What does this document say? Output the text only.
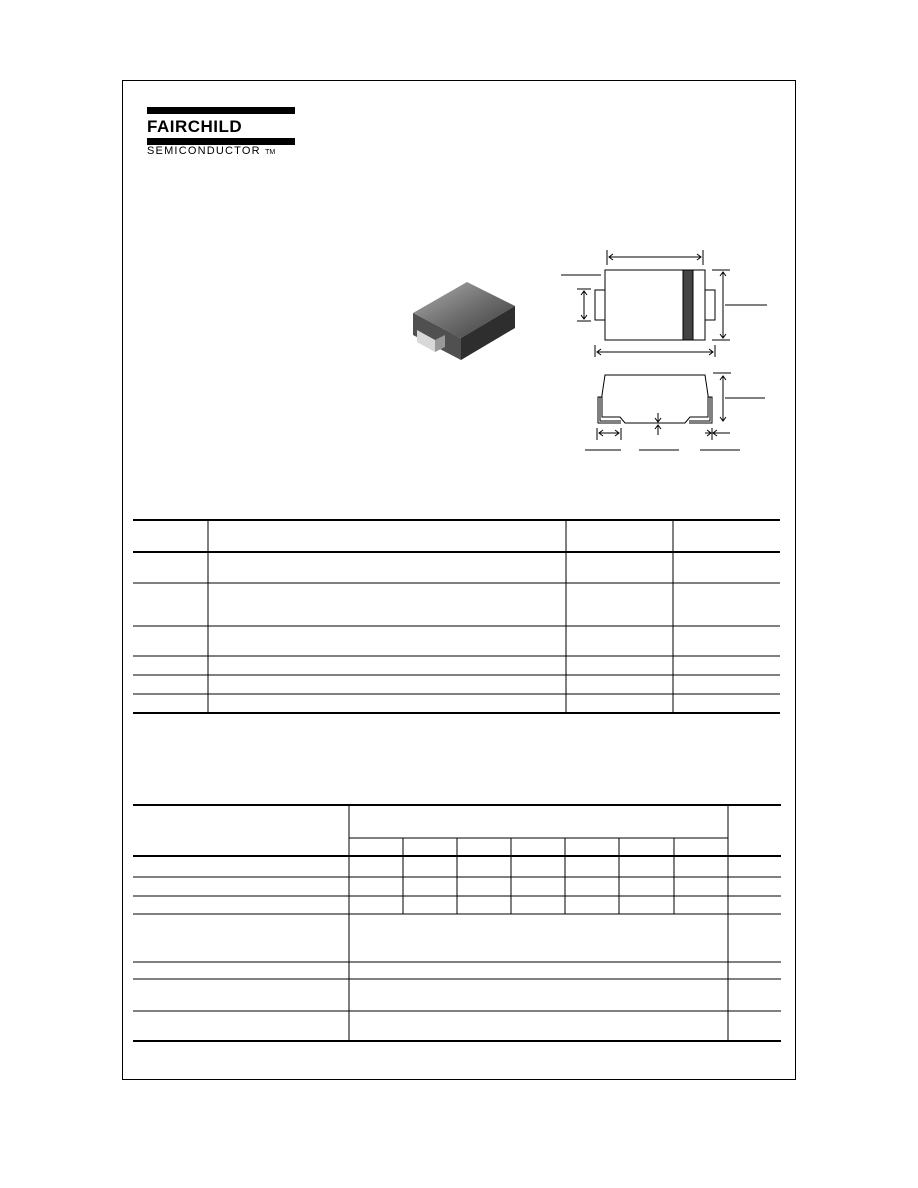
FAIRCHILD
SEMICONDUCTOR TM
